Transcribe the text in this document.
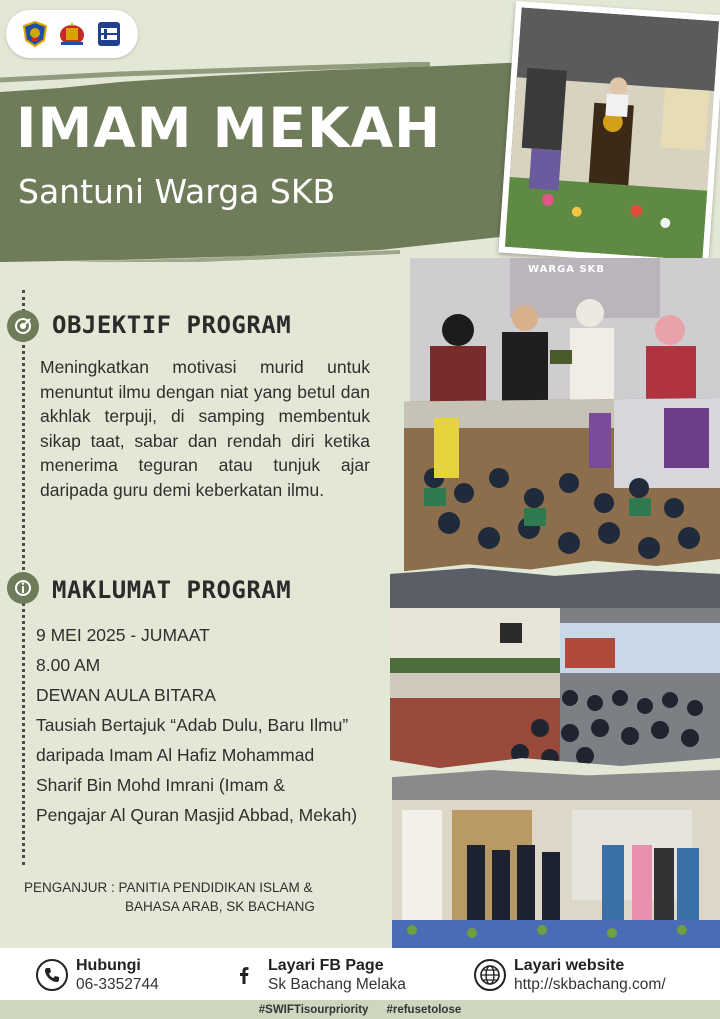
IMAM MEKAH
Santuni Warga SKB
WARGA SKB
OBJEKTIF PROGRAM
Meningkatkan motivasi murid untuk menuntut ilmu dengan niat yang betul dan akhlak terpuji, di samping membentuk sikap taat, sabar dan rendah diri ketika menerima teguran atau tunjuk ajar daripada guru demi keberkatan ilmu.
MAKLUMAT PROGRAM
9 MEI 2025 - JUMAAT
8.00 AM
DEWAN AULA BITARA
Tausiah Bertajuk “Adab Dulu, Baru Ilmu”
daripada Imam Al Hafiz Mohammad
Sharif Bin Mohd Imrani (Imam &
Pengajar Al Quran Masjid Abbad, Mekah)
PENGANJUR : PANITIA PENDIDIKAN ISLAM &
BAHASA ARAB, SK BACHANG
Hubungi
06-3352744
Layari FB Page
Sk Bachang Melaka
Layari website
http://skbachang.com/
#SWIFTisourpriority #refusetolose
